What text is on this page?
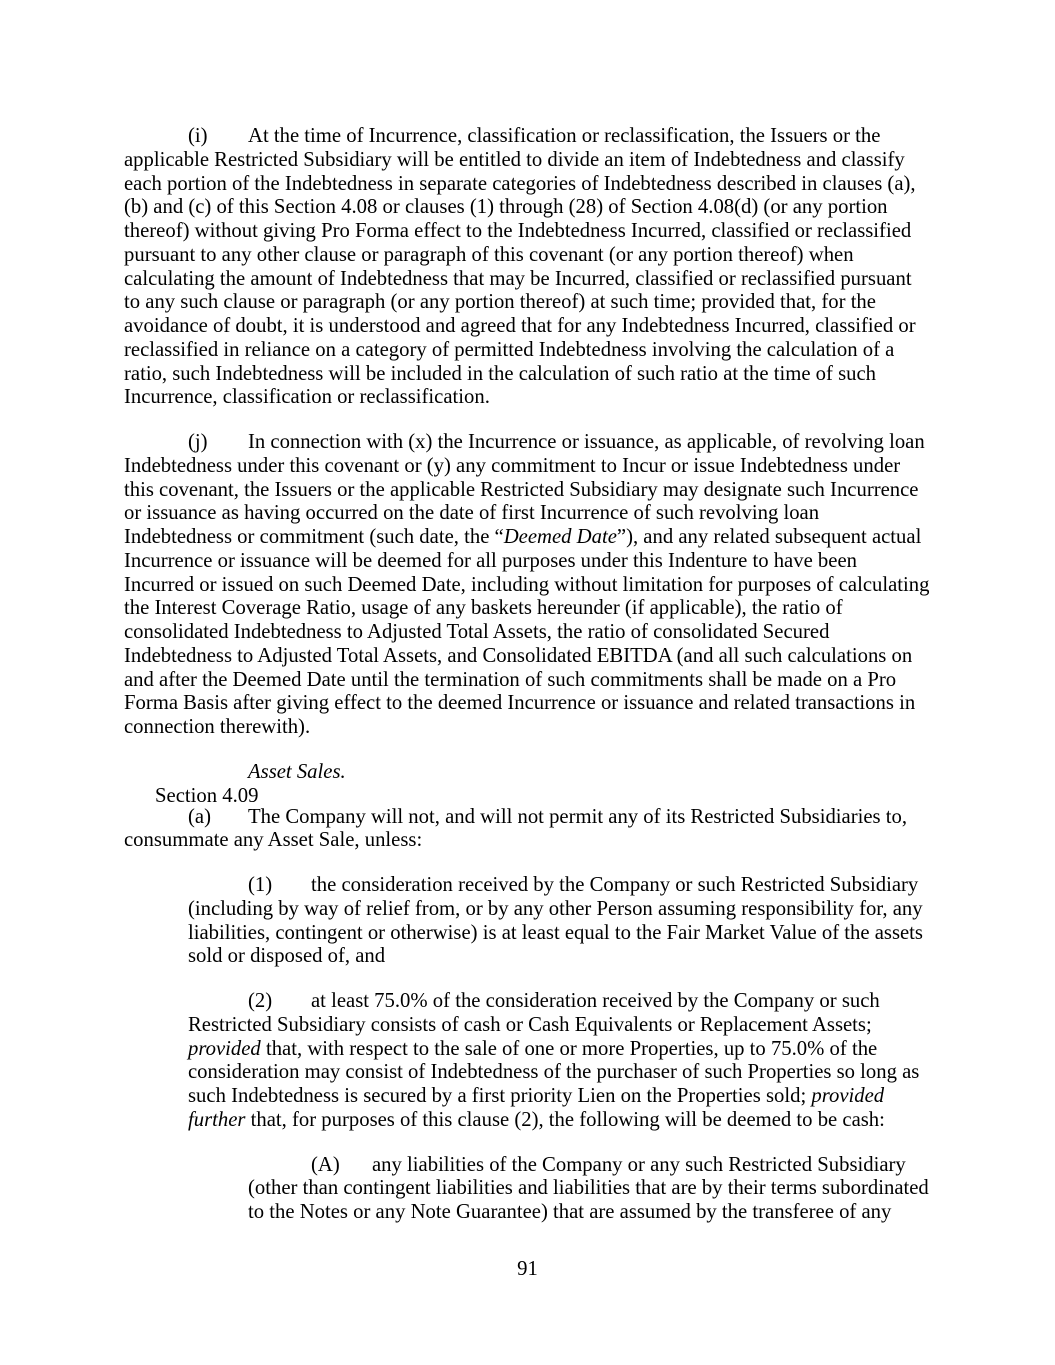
(i) At the time of Incurrence, classification or reclassification, the Issuers or the
applicable Restricted Subsidiary will be entitled to divide an item of Indebtedness and classify
each portion of the Indebtedness in separate categories of Indebtedness described in clauses (a),
(b) and (c) of this Section 4.08 or clauses (1) through (28) of Section 4.08(d) (or any portion
thereof) without giving Pro Forma effect to the Indebtedness Incurred, classified or reclassified
pursuant to any other clause or paragraph of this covenant (or any portion thereof) when
calculating the amount of Indebtedness that may be Incurred, classified or reclassified pursuant
to any such clause or paragraph (or any portion thereof) at such time; provided that, for the
avoidance of doubt, it is understood and agreed that for any Indebtedness Incurred, classified or
reclassified in reliance on a category of permitted Indebtedness involving the calculation of a
ratio, such Indebtedness will be included in the calculation of such ratio at the time of such
Incurrence, classification or reclassification.
(j) In connection with (x) the Incurrence or issuance, as applicable, of revolving loan
Indebtedness under this covenant or (y) any commitment to Incur or issue Indebtedness under
this covenant, the Issuers or the applicable Restricted Subsidiary may designate such Incurrence
or issuance as having occurred on the date of first Incurrence of such revolving loan
Indebtedness or commitment (such date, the “Deemed Date”), and any related subsequent actual
Incurrence or issuance will be deemed for all purposes under this Indenture to have been
Incurred or issued on such Deemed Date, including without limitation for purposes of calculating
the Interest Coverage Ratio, usage of any baskets hereunder (if applicable), the ratio of
consolidated Indebtedness to Adjusted Total Assets, the ratio of consolidated Secured
Indebtedness to Adjusted Total Assets, and Consolidated EBITDA (and all such calculations on
and after the Deemed Date until the termination of such commitments shall be made on a Pro
Forma Basis after giving effect to the deemed Incurrence or issuance and related transactions in
connection therewith).

Section 4.09

Asset Sales.

(a) The Company will not, and will not permit any of its Restricted Subsidiaries to,
consummate any Asset Sale, unless:
(1) the consideration received by the Company or such Restricted Subsidiary
(including by way of relief from, or by any other Person assuming responsibility for, any
liabilities, contingent or otherwise) is at least equal to the Fair Market Value of the assets
sold or disposed of, and
(2) at least 75.0% of the consideration received by the Company or such
Restricted Subsidiary consists of cash or Cash Equivalents or Replacement Assets;
provided that, with respect to the sale of one or more Properties, up to 75.0% of the
consideration may consist of Indebtedness of the purchaser of such Properties so long as
such Indebtedness is secured by a first priority Lien on the Properties sold; provided
further that, for purposes of this clause (2), the following will be deemed to be cash:
(A) any liabilities of the Company or any such Restricted Subsidiary
(other than contingent liabilities and liabilities that are by their terms subordinated
to the Notes or any Note Guarantee) that are assumed by the transferee of any
91
